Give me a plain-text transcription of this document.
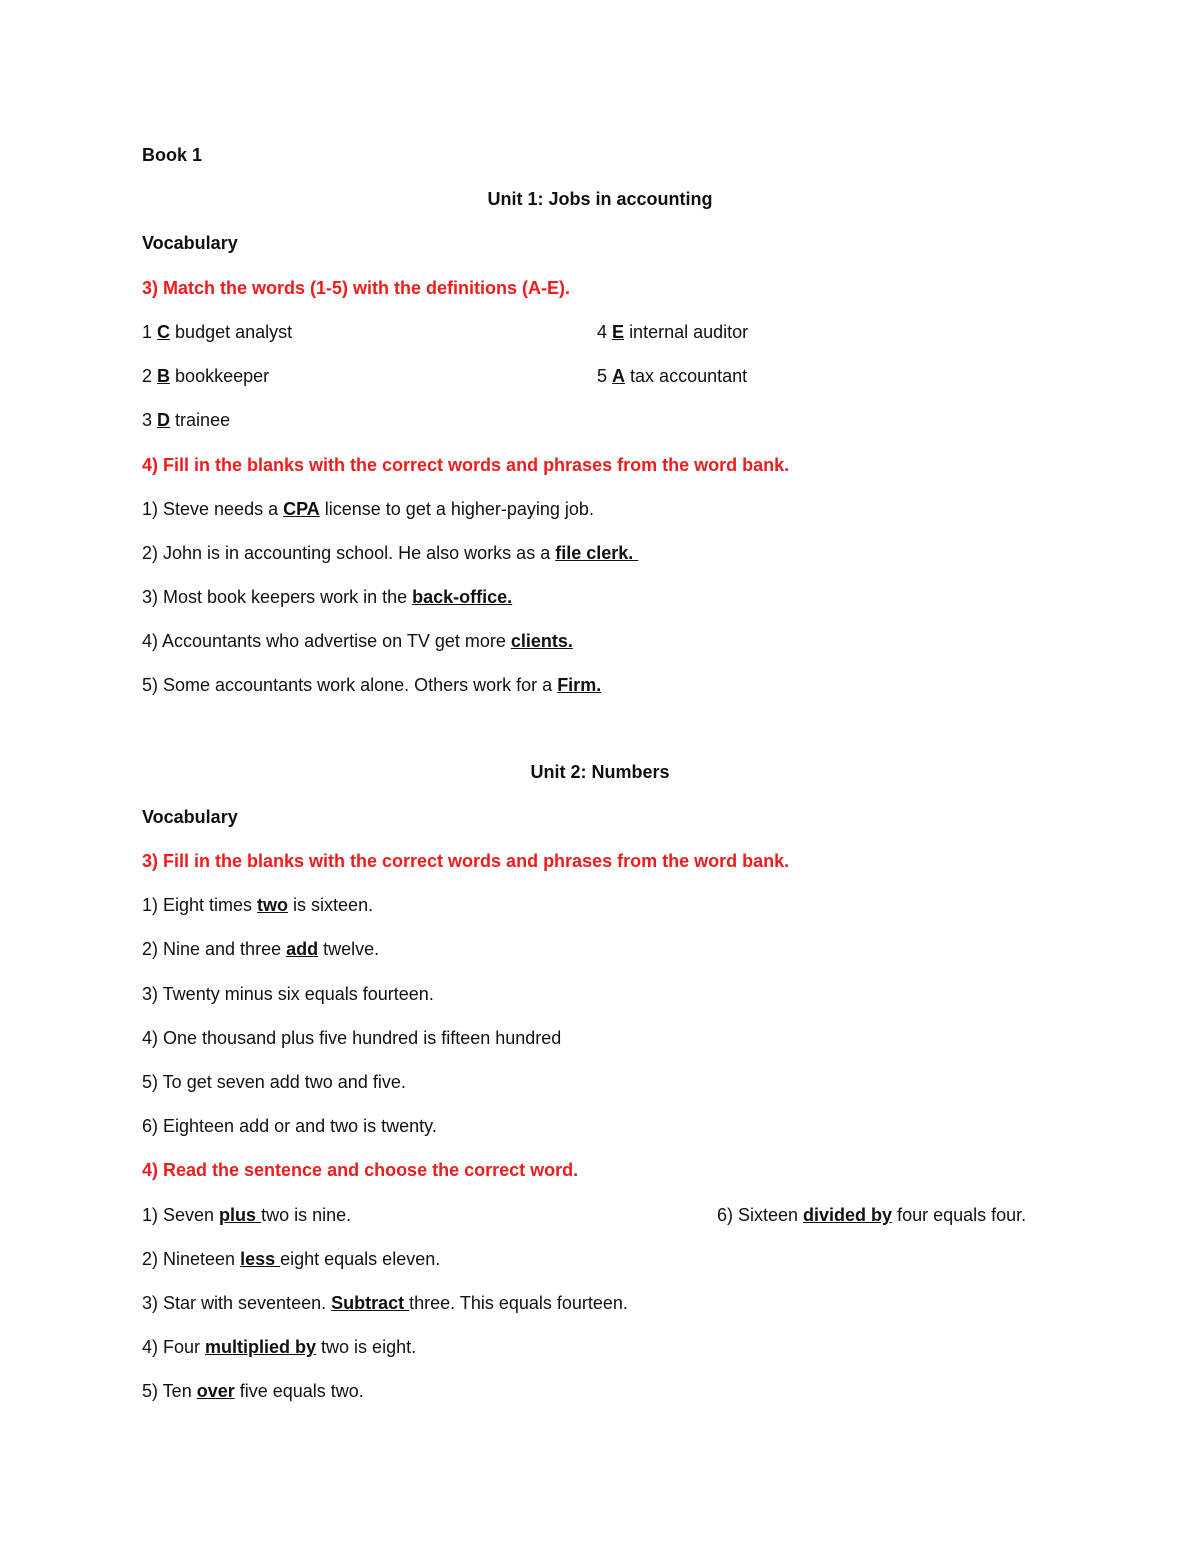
Book 1
Unit 1: Jobs in accounting
Vocabulary
3) Match the words (1-5) with the definitions (A-E).
1 C budget analyst
2 B bookkeeper
3 D trainee
4 E internal auditor
5 A tax accountant
4) Fill in the blanks with the correct words and phrases from the word bank.
1) Steve needs a CPA license to get a higher-paying job.
2) John is in accounting school. He also works as a file clerk.
3) Most book keepers work in the back-office.
4) Accountants who advertise on TV get more clients.
5) Some accountants work alone. Others work for a Firm.
Unit 2: Numbers
Vocabulary
3) Fill in the blanks with the correct words and phrases from the word bank.
1) Eight times two is sixteen.
2) Nine and three add twelve.
3) Twenty minus six equals fourteen.
4) One thousand plus five hundred is fifteen hundred
5) To get seven add two and five.
6) Eighteen add or and two is twenty.
4) Read the sentence and choose the correct word.
1) Seven plus two is nine.
2) Nineteen less eight equals eleven.
3) Star with seventeen. Subtract three. This equals fourteen.
4) Four multiplied by two is eight.
5) Ten over five equals two.
6) Sixteen divided by four equals four.
